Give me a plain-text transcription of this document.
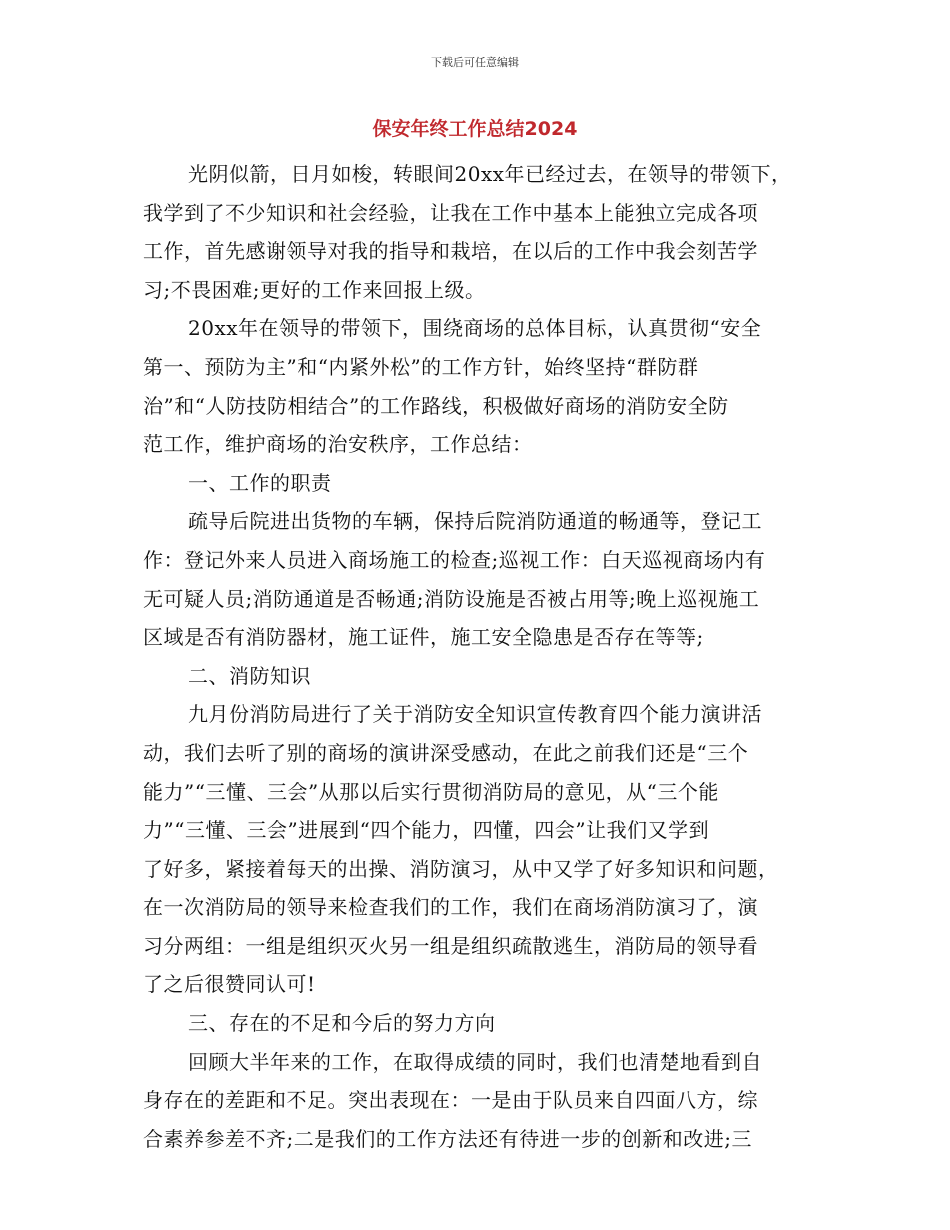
下载后可任意编辑
保安年终工作总结2024
光阴似箭，日月如梭，转眼间20xx年已经过去，在领导的带领下，
我学到了不少知识和社会经验，让我在工作中基本上能独立完成各项
工作，首先感谢领导对我的指导和栽培，在以后的工作中我会刻苦学
习;不畏困难;更好的工作来回报上级。
20xx年在领导的带领下，围绕商场的总体目标，认真贯彻“安全
第一、预防为主”和“内紧外松”的工作方针，始终坚持“群防群
治”和“人防技防相结合”的工作路线，积极做好商场的消防安全防
范工作，维护商场的治安秩序，工作总结：
一、工作的职责
疏导后院进出货物的车辆，保持后院消防通道的畅通等，登记工
作：登记外来人员进入商场施工的检查;巡视工作：白天巡视商场内有
无可疑人员;消防通道是否畅通;消防设施是否被占用等;晚上巡视施工
区域是否有消防器材，施工证件，施工安全隐患是否存在等等;
二、消防知识
九月份消防局进行了关于消防安全知识宣传教育四个能力演讲活
动，我们去听了别的商场的演讲深受感动，在此之前我们还是“三个
能力”“三懂、三会”从那以后实行贯彻消防局的意见，从“三个能
力”“三懂、三会”进展到“四个能力，四懂，四会”让我们又学到
了好多，紧接着每天的出操、消防演习，从中又学了好多知识和问题，
在一次消防局的领导来检查我们的工作，我们在商场消防演习了，演
习分两组：一组是组织灭火另一组是组织疏散逃生，消防局的领导看
了之后很赞同认可!
三、存在的不足和今后的努力方向
回顾大半年来的工作，在取得成绩的同时，我们也清楚地看到自
身存在的差距和不足。突出表现在：一是由于队员来自四面八方，综
合素养参差不齐;二是我们的工作方法还有待进一步的创新和改进;三
